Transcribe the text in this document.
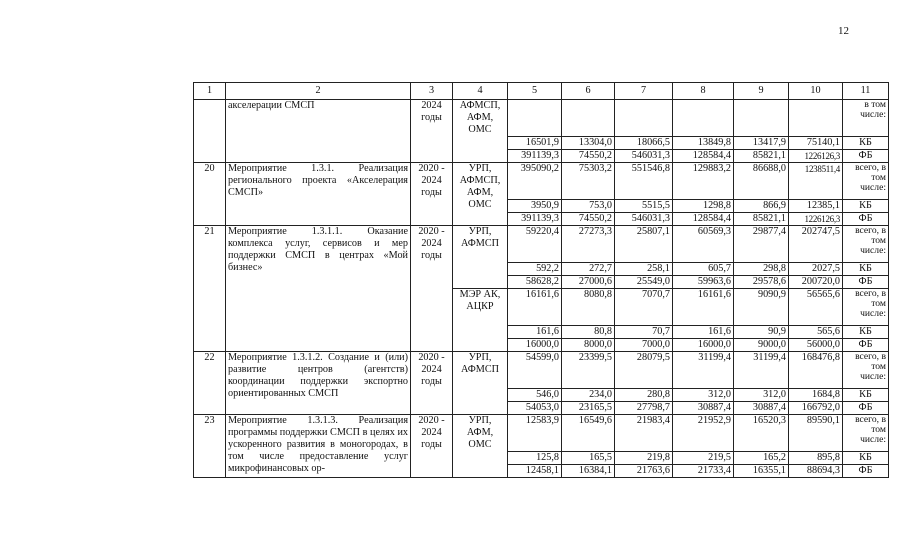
12
1	2	3	4	5	6	7	8	9	10	11
	акселерации СМСП	2024 годы	АФМСП, АФМ, ОМС							в том числе:
				16501,9	13304,0	18066,5	13849,8	13417,9	75140,1	КБ
				391139,3	74550,2	546031,3	128584,4	85821,1	1226126,3	ФБ
20	Мероприятие 1.3.1. Реализация регионального проекта «Акселерация СМСП»	2020 - 2024 годы	УРП, АФМСП, АФМ, ОМС	395090,2	75303,2	551546,8	129883,2	86688,0	1238511,4	всего, в том числе:
				3950,9	753,0	5515,5	1298,8	866,9	12385,1	КБ
				391139,3	74550,2	546031,3	128584,4	85821,1	1226126,3	ФБ
21	Мероприятие 1.3.1.1. Оказание комплекса услуг, сервисов и мер поддержки СМСП в центрах «Мой бизнес»	2020 - 2024 годы	УРП, АФМСП	59220,4	27273,3	25807,1	60569,3	29877,4	202747,5	всего, в том числе:
				592,2	272,7	258,1	605,7	298,8	2027,5	КБ
				58628,2	27000,6	25549,0	59963,6	29578,6	200720,0	ФБ
			МЭР АК, АЦКР	16161,6	8080,8	7070,7	16161,6	9090,9	56565,6	всего, в том числе:
				161,6	80,8	70,7	161,6	90,9	565,6	КБ
				16000,0	8000,0	7000,0	16000,0	9000,0	56000,0	ФБ
22	Мероприятие 1.3.1.2. Создание и (или) развитие центров (агентств) координации поддержки экспортно ориентированных СМСП	2020 - 2024 годы	УРП, АФМСП	54599,0	23399,5	28079,5	31199,4	31199,4	168476,8	всего, в том числе:
				546,0	234,0	280,8	312,0	312,0	1684,8	КБ
				54053,0	23165,5	27798,7	30887,4	30887,4	166792,0	ФБ
23	Мероприятие 1.3.1.3. Реализация программы поддержки СМСП в целях их ускоренного развития в моногородах, в том числе предоставление услуг микрофинансовых ор-	2020 - 2024 годы	УРП, АФМ, ОМС	12583,9	16549,6	21983,4	21952,9	16520,3	89590,1	всего, в том числе:
				125,8	165,5	219,8	219,5	165,2	895,8	КБ
				12458,1	16384,1	21763,6	21733,4	16355,1	88694,3	ФБ
